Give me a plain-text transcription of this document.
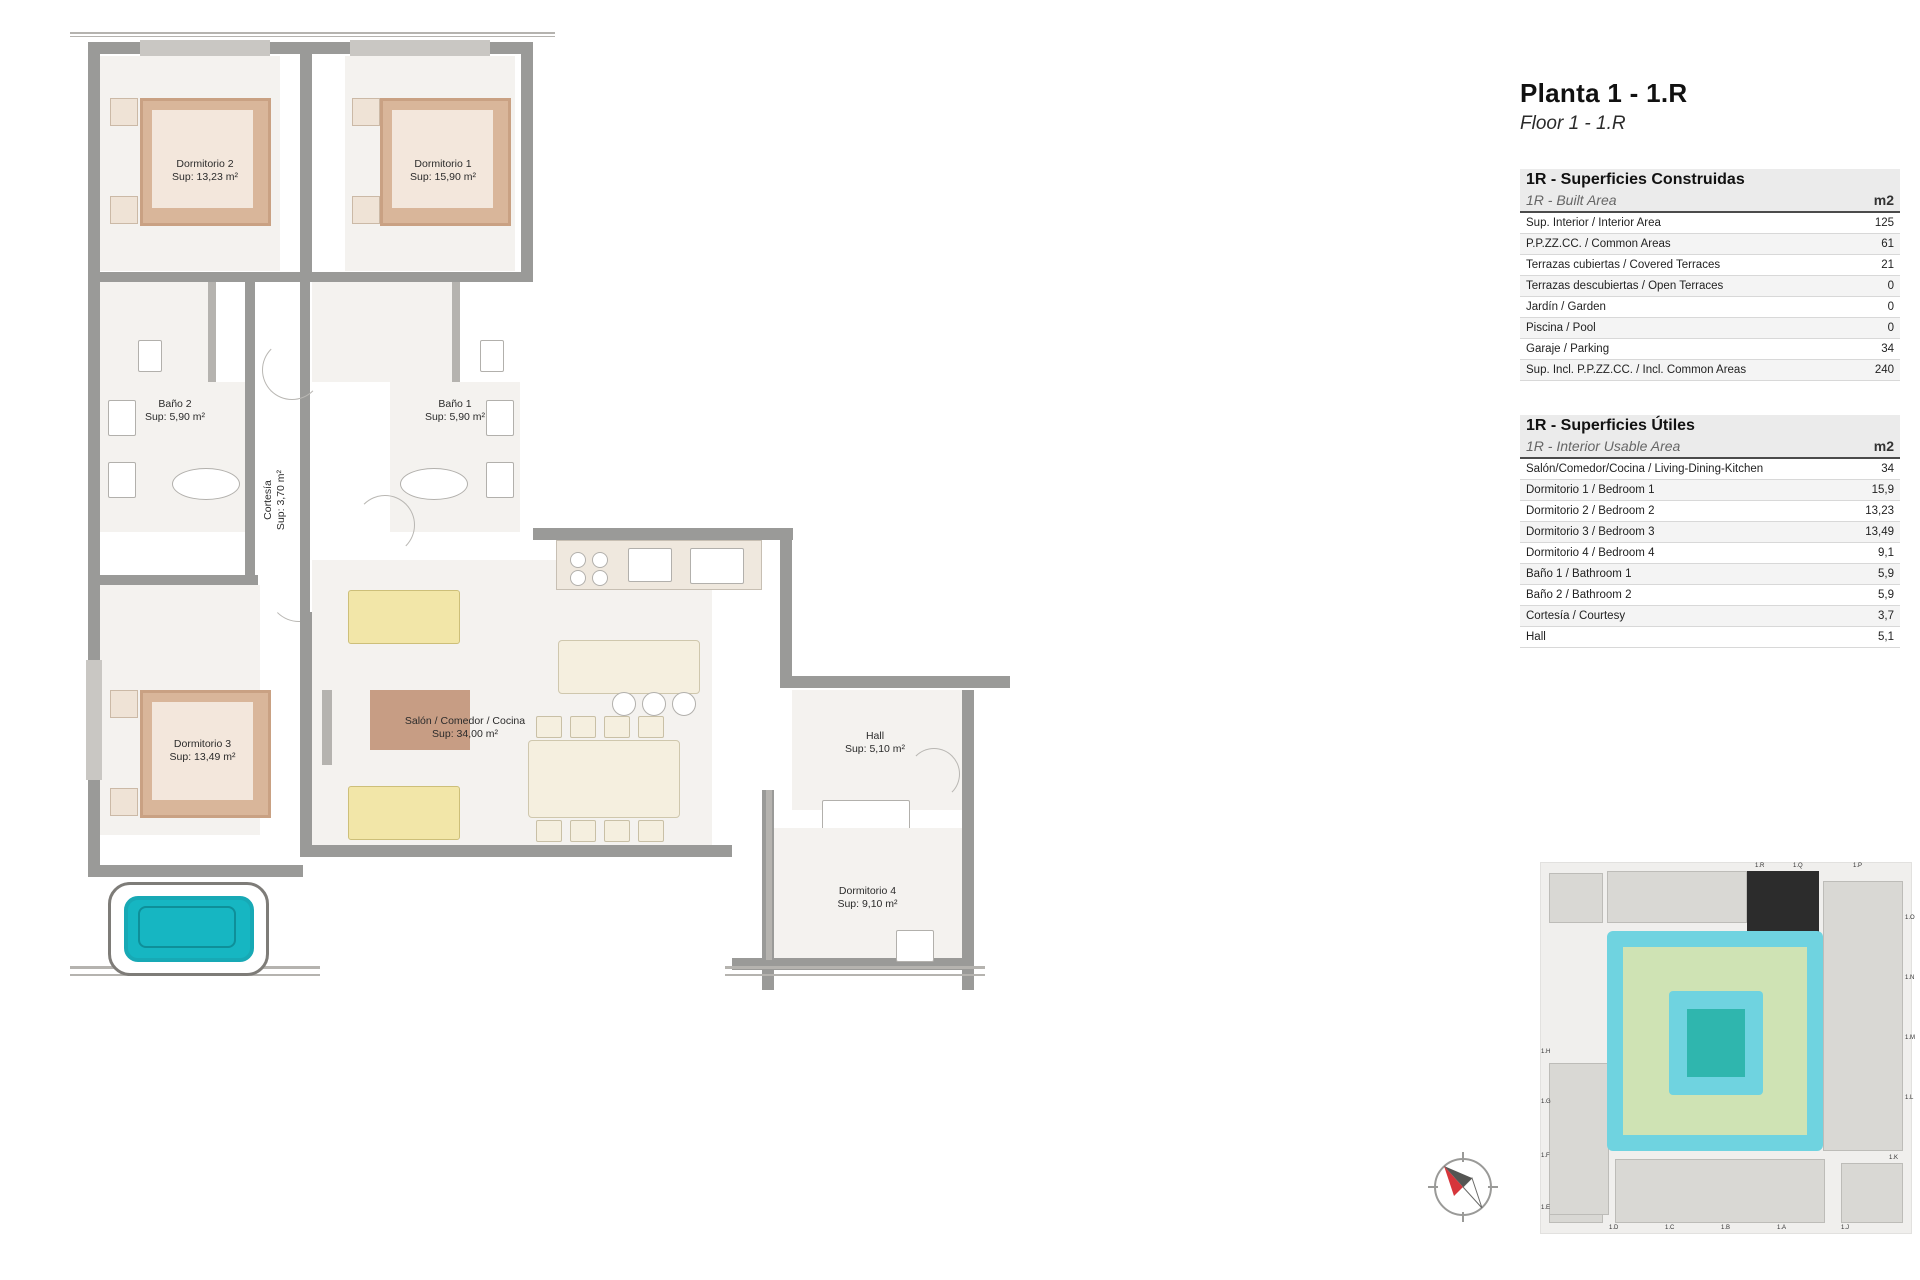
Dormitorio 2
Sup: 13,23 m²
Dormitorio 1
Sup: 15,90 m²
Baño 2
Sup: 5,90 m²
Baño 1
Sup: 5,90 m²
Cortesía Sup: 3,70 m²
Dormitorio 3
Sup: 13,49 m²
Salón / Comedor / Cocina
Sup: 34,00 m²	Hall
Sup: 5,10 m²
Dormitorio 4
Sup: 9,10 m²
Planta 1 - 1.R
Floor 1 - 1.R
1R - Superficies Construidas
1R - Built Area	m2
Sup. Interior / Interior Area	125
P.P.ZZ.CC. / Common Areas	61
Terrazas cubiertas / Covered Terraces	21
Terrazas descubiertas / Open Terraces	0
Jardín / Garden	0
Piscina / Pool	0
Garaje / Parking	34
Sup. Incl. P.P.ZZ.CC. / Incl. Common Areas	240
1R - Superficies Útiles
1R - Interior Usable Area	m2
Salón/Comedor/Cocina / Living-Dining-Kitchen	34
Dormitorio 1 / Bedroom 1	15,9
Dormitorio 2 / Bedroom 2	13,23
Dormitorio 3 / Bedroom 3	13,49
Dormitorio 4 / Bedroom 4	9,1
Baño 1 / Bathroom 1	5,9
Baño 2 / Bathroom 2	5,9
Cortesía / Courtesy	3,7
Hall	5,1
1.R	1.Q	1.P
1.O
1.N
1.M
1.L
1.K
1.J
1.A
1.B
1.C
1.D
1.E
1.F
1.G
1.H
